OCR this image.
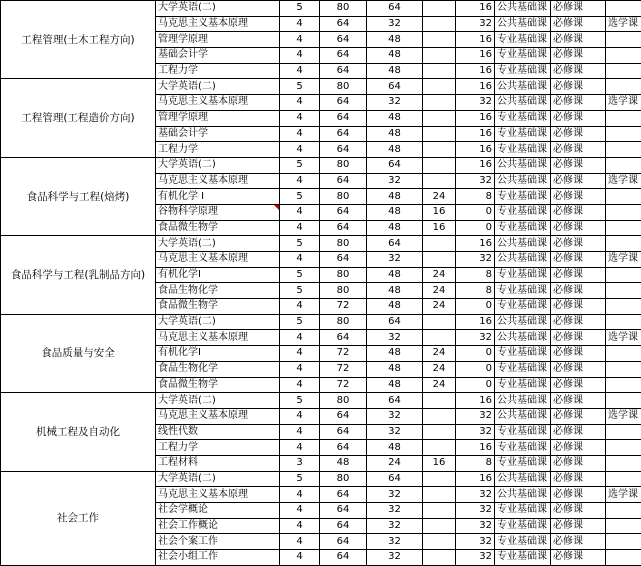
工程管理(土木工程方向)	大学英语(二)	5	80	64		16	公共基础课	必修课	
	马克思主义基本原理	4	64	32		32	公共基础课	必修课	选学课
	管理学原理	4	64	48		16	专业基础课	必修课	
	基础会计学	4	64	48		16	专业基础课	必修课	
	工程力学	4	64	48		16	专业基础课	必修课	
工程管理(工程造价方向)	大学英语(二)	5	80	64		16	公共基础课	必修课	
	马克思主义基本原理	4	64	32		32	公共基础课	必修课	选学课
	管理学原理	4	64	48		16	专业基础课	必修课	
	基础会计学	4	64	48		16	专业基础课	必修课	
	工程力学	4	64	48		16	专业基础课	必修课	
食品科学与工程(焙烤)	大学英语(二)	5	80	64		16	公共基础课	必修课	
	马克思主义基本原理	4	64	32		32	公共基础课	必修课	选学课
	有机化学 I	5	80	48	24	8	专业基础课	必修课	
	谷物科学原理	4	64	48	16	0	专业基础课	必修课	
	食品微生物学	4	64	48	16	0	专业基础课	必修课	
食品科学与工程(乳制品方向)	大学英语(二)	5	80	64		16	公共基础课	必修课	
	马克思主义基本原理	4	64	32		32	公共基础课	必修课	选学课
	有机化学I	5	80	48	24	8	专业基础课	必修课	
	食品生物化学	5	80	48	24	8	专业基础课	必修课	
	食品微生物学	4	72	48	24	0	专业基础课	必修课	
食品质量与安全	大学英语(二)	5	80	64		16	公共基础课	必修课	
	马克思主义基本原理	4	64	32		32	公共基础课	必修课	选学课
	有机化学I	4	72	48	24	0	专业基础课	必修课	
	食品生物化学	4	72	48	24	0	专业基础课	必修课	
	食品微生物学	4	72	48	24	0	专业基础课	必修课	
机械工程及自动化	大学英语(二)	5	80	64		16	公共基础课	必修课	
	马克思主义基本原理	4	64	32		32	公共基础课	必修课	选学课
	线性代数	4	64	32		32	专业基础课	必修课	
	工程力学	4	64	48		16	专业基础课	必修课	
	工程材料	3	48	24	16	8	专业基础课	必修课	
社会工作	大学英语(二)	5	80	64		16	公共基础课	必修课	
	马克思主义基本原理	4	64	32		32	公共基础课	必修课	选学课
	社会学概论	4	64	32		32	专业基础课	必修课	
	社会工作概论	4	64	32		32	专业基础课	必修课	
	社会个案工作	4	64	32		32	专业基础课	必修课	
	社会小组工作	4	64	32		32	专业基础课	必修课	
